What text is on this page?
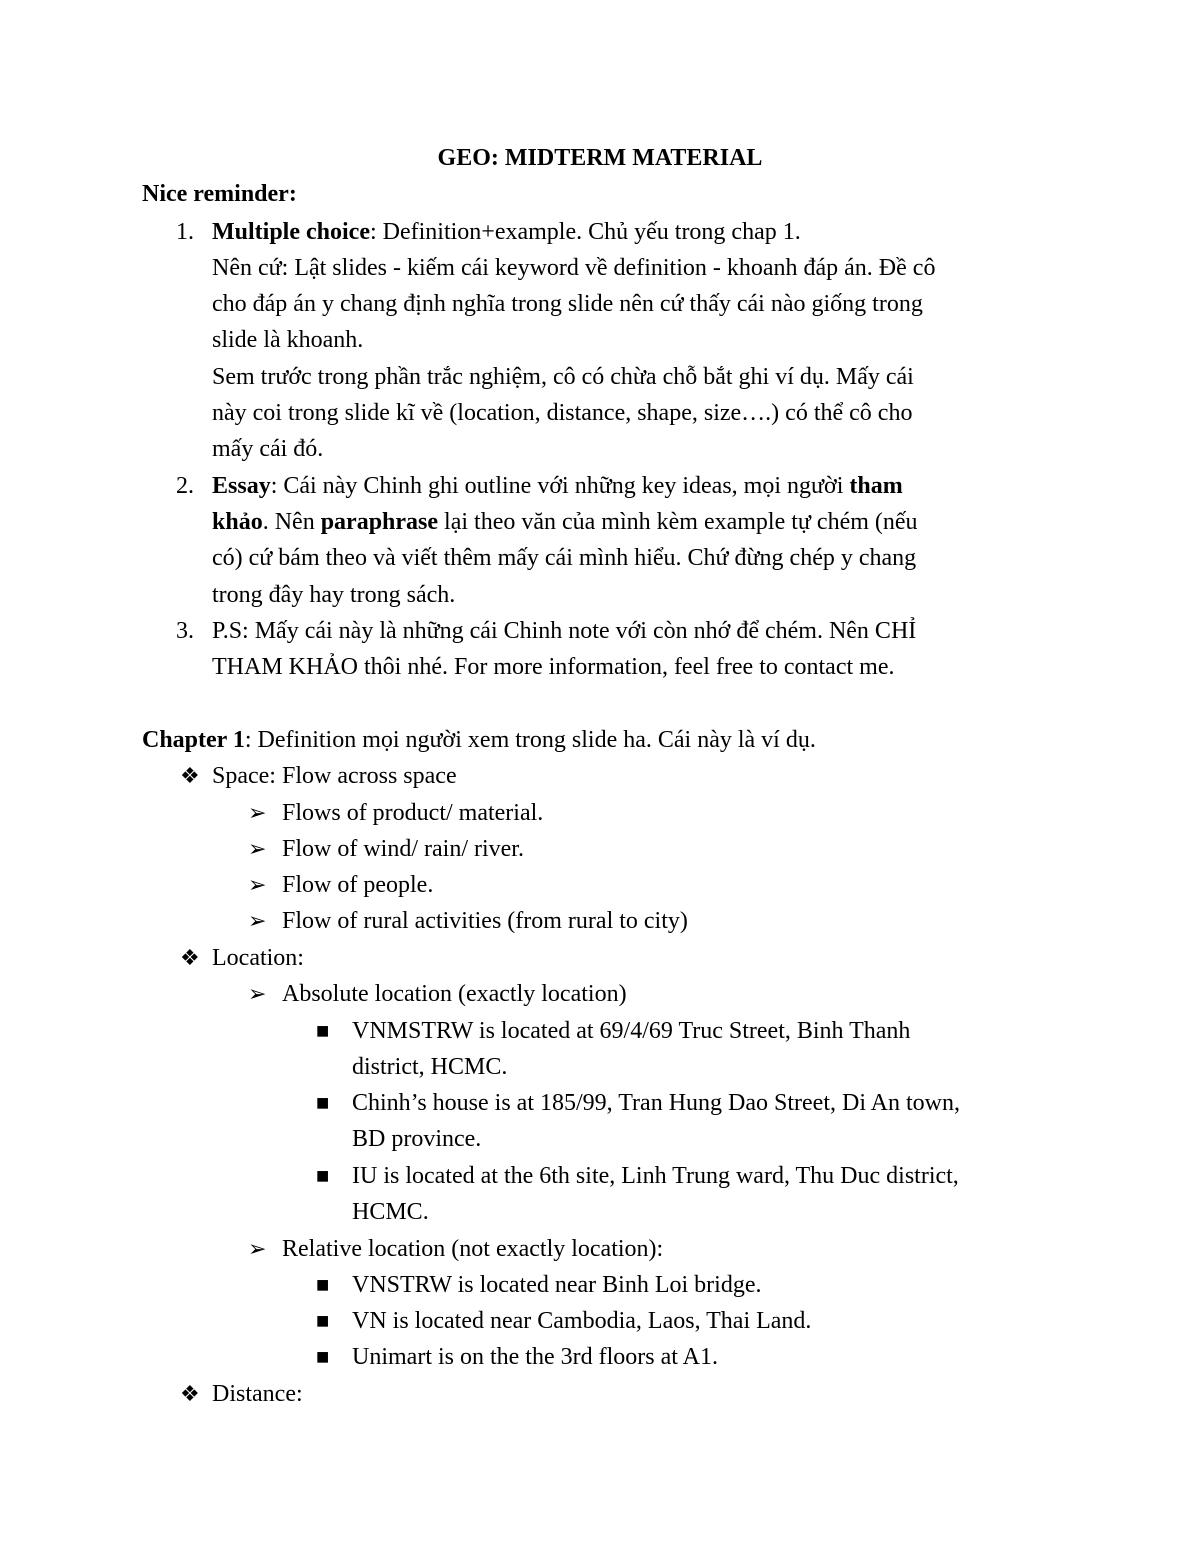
GEO: MIDTERM MATERIAL
Nice reminder:
1. Multiple choice: Definition+example. Chủ yếu trong chap 1.
Nên cứ: Lật slides - kiếm cái keyword về definition - khoanh đáp án. Đề cô
cho đáp án y chang định nghĩa trong slide nên cứ thấy cái nào giống trong
slide là khoanh.
Sem trước trong phần trắc nghiệm, cô có chừa chỗ bắt ghi ví dụ. Mấy cái
này coi trong slide kĩ về (location, distance, shape, size….) có thể cô cho
mấy cái đó.
2. Essay: Cái này Chinh ghi outline với những key ideas, mọi người tham
khảo. Nên paraphrase lại theo văn của mình kèm example tự chém (nếu
có) cứ bám theo và viết thêm mấy cái mình hiểu. Chứ đừng chép y chang
trong đây hay trong sách.
3. P.S: Mấy cái này là những cái Chinh note với còn nhớ để chém. Nên CHỈ
THAM KHẢO thôi nhé. For more information, feel free to contact me.
Chapter 1: Definition mọi người xem trong slide ha. Cái này là ví dụ.
❖ Space: Flow across space
➢ Flows of product/ material.
➢ Flow of wind/ rain/ river.
➢ Flow of people.
➢ Flow of rural activities (from rural to city)
❖ Location:
➢ Absolute location (exactly location)
■ VNMSTRW is located at 69/4/69 Truc Street, Binh Thanh
district, HCMC.
■ Chinh’s house is at 185/99, Tran Hung Dao Street, Di An town,
BD province.
■ IU is located at the 6th site, Linh Trung ward, Thu Duc district,
HCMC.
➢ Relative location (not exactly location):
■ VNSTRW is located near Binh Loi bridge.
■ VN is located near Cambodia, Laos, Thai Land.
■ Unimart is on the the 3rd floors at A1.
❖ Distance:
